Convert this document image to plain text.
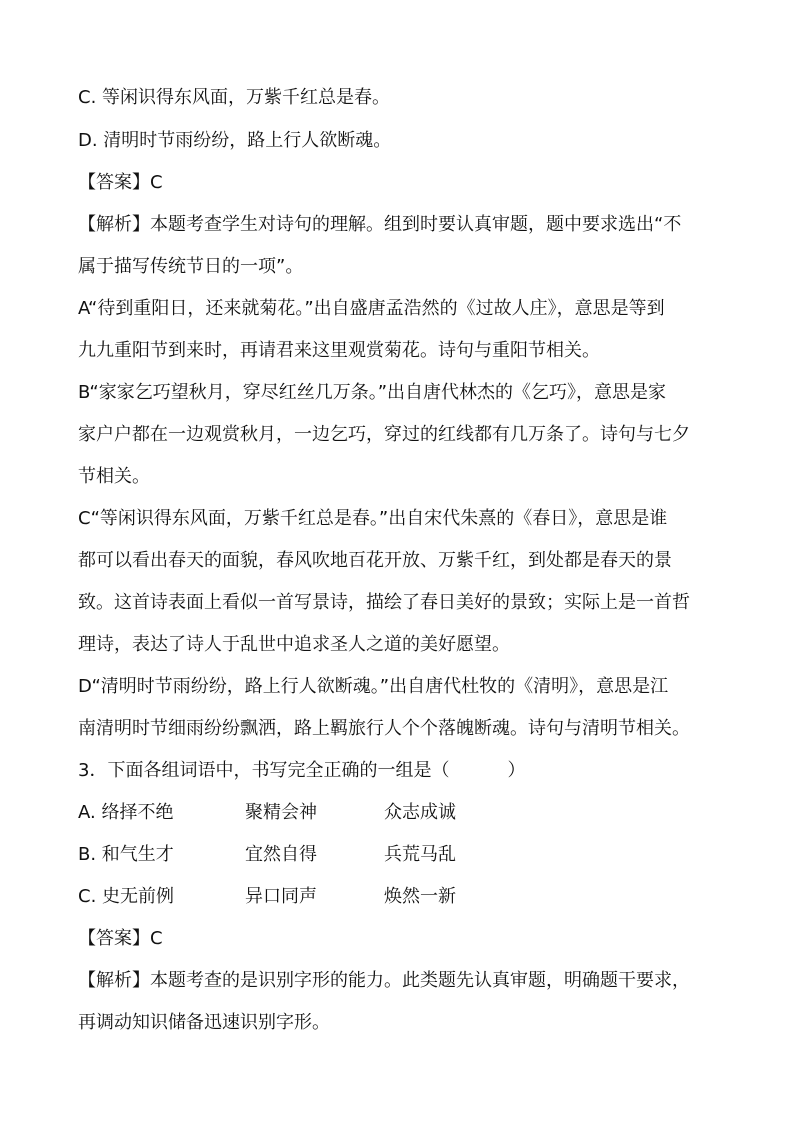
C. 等闲识得东风面，万紫千红总是春。
D. 清明时节雨纷纷，路上行人欲断魂。
【答案】C
【解析】本题考查学生对诗句的理解。组到时要认真审题，题中要求选出“不
属于描写传统节日的一项”。
A“待到重阳日，还来就菊花。”出自盛唐孟浩然的《过故人庄》，意思是等到
九九重阳节到来时，再请君来这里观赏菊花。诗句与重阳节相关。
B“家家乞巧望秋月，穿尽红丝几万条。”出自唐代林杰的《乞巧》，意思是家
家户户都在一边观赏秋月，一边乞巧，穿过的红线都有几万条了。诗句与七夕
节相关。
C“等闲识得东风面，万紫千红总是春。”出自宋代朱熹的《春日》，意思是谁
都可以看出春天的面貌，春风吹地百花开放、万紫千红，到处都是春天的景
致。这首诗表面上看似一首写景诗，描绘了春日美好的景致；实际上是一首哲
理诗，表达了诗人于乱世中追求圣人之道的美好愿望。
D“清明时节雨纷纷，路上行人欲断魂。”出自唐代杜牧的《清明》，意思是江
南清明时节细雨纷纷飘洒，路上羁旅行人个个落魄断魂。诗句与清明节相关。
3．下面各组词语中，书写完全正确的一组是（	）
A. 络择不绝	聚精会神	众志成诚
B. 和气生才	宜然自得	兵荒马乱
C. 史无前例	异口同声	焕然一新
【答案】C
【解析】本题考查的是识别字形的能力。此类题先认真审题，明确题干要求，
再调动知识储备迅速识别字形。
